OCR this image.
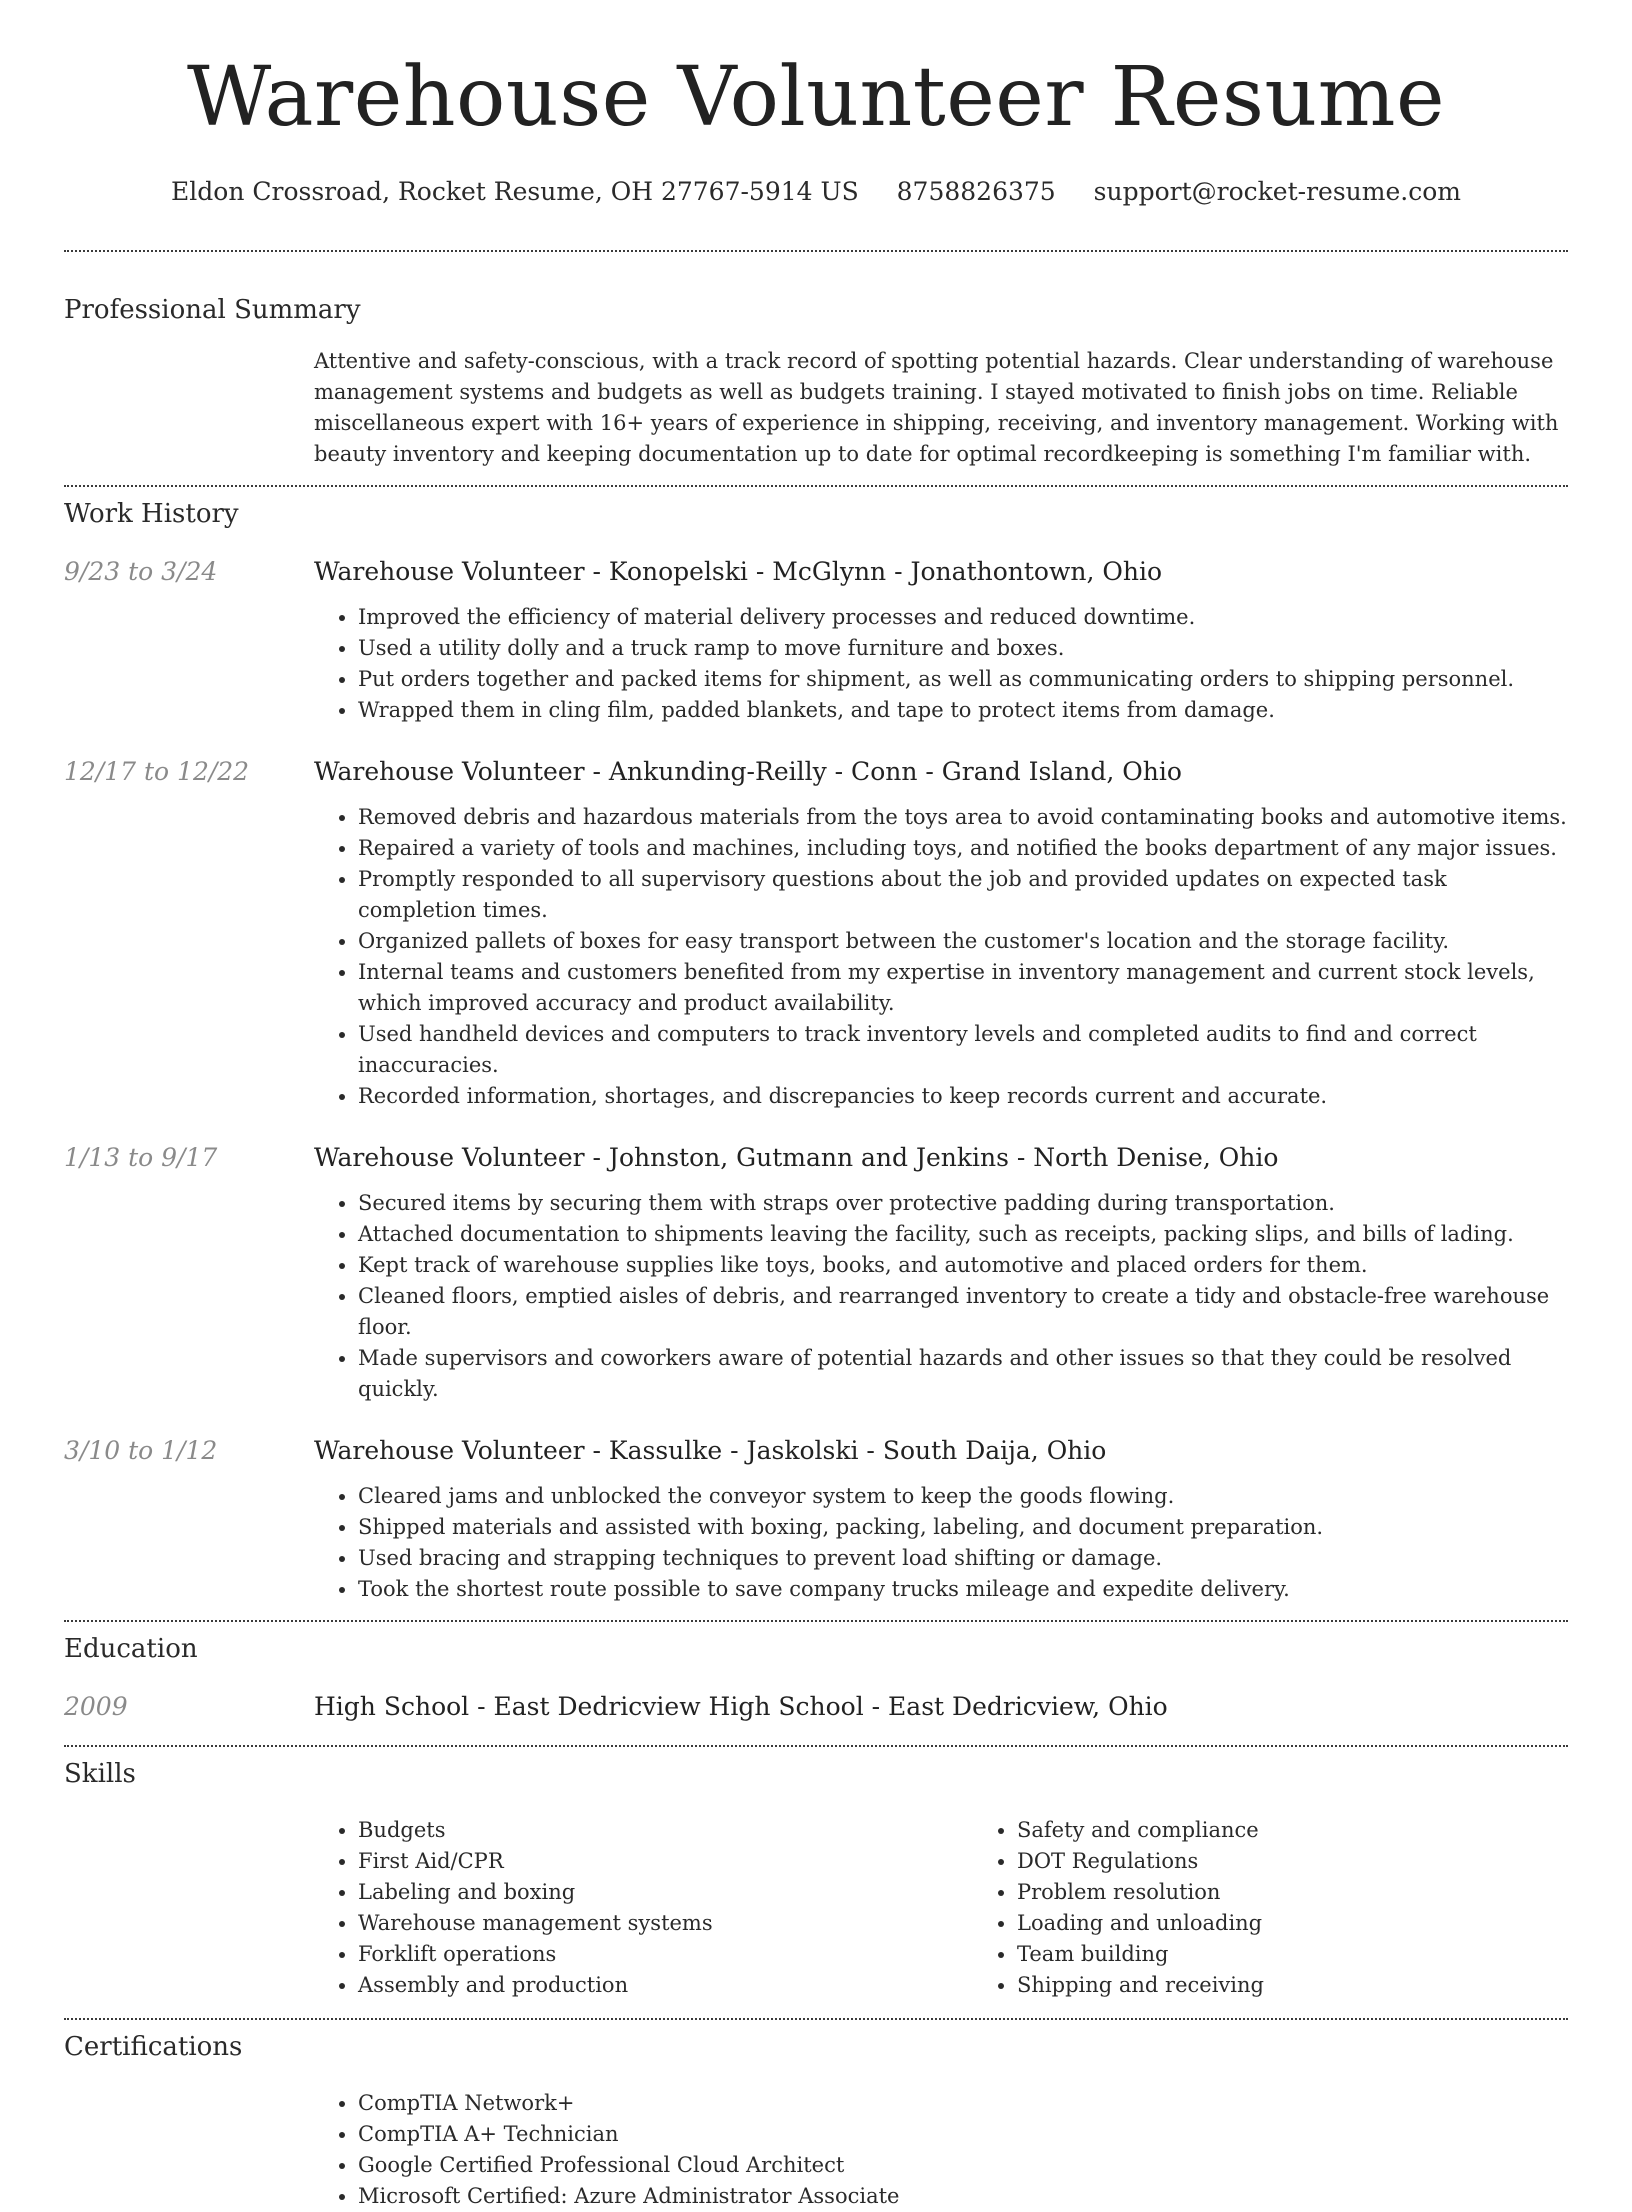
Warehouse Volunteer Resume
Eldon Crossroad, Rocket Resume, OH 27767-5914 US 8758826375 support@rocket-resume.com
Professional Summary

Attentive and safety-conscious, with a track record of spotting potential hazards. Clear understanding of warehouse management systems and budgets as well as budgets training. I stayed motivated to finish jobs on time. Reliable miscellaneous expert with 16+ years of experience in shipping, receiving, and inventory management. Working with beauty inventory and keeping documentation up to date for optimal recordkeeping is something I'm familiar with.

Work History
9/23 to 3/24	Warehouse Volunteer - Konopelski - McGlynn - Jonathontown, Ohio
• Improved the efficiency of material delivery processes and reduced downtime.
• Used a utility dolly and a truck ramp to move furniture and boxes.
• Put orders together and packed items for shipment, as well as communicating orders to shipping personnel.
• Wrapped them in cling film, padded blankets, and tape to protect items from damage.
12/17 to 12/22	Warehouse Volunteer - Ankunding-Reilly - Conn - Grand Island, Ohio
• Removed debris and hazardous materials from the toys area to avoid contaminating books and automotive items.
• Repaired a variety of tools and machines, including toys, and notified the books department of any major issues.
• Promptly responded to all supervisory questions about the job and provided updates on expected task completion times.
• Organized pallets of boxes for easy transport between the customer's location and the storage facility.
• Internal teams and customers benefited from my expertise in inventory management and current stock levels, which improved accuracy and product availability.
• Used handheld devices and computers to track inventory levels and completed audits to find and correct inaccuracies.
• Recorded information, shortages, and discrepancies to keep records current and accurate.
1/13 to 9/17	Warehouse Volunteer - Johnston, Gutmann and Jenkins - North Denise, Ohio
• Secured items by securing them with straps over protective padding during transportation.
• Attached documentation to shipments leaving the facility, such as receipts, packing slips, and bills of lading.
• Kept track of warehouse supplies like toys, books, and automotive and placed orders for them.
• Cleaned floors, emptied aisles of debris, and rearranged inventory to create a tidy and obstacle-free warehouse floor.
• Made supervisors and coworkers aware of potential hazards and other issues so that they could be resolved quickly.
3/10 to 1/12	Warehouse Volunteer - Kassulke - Jaskolski - South Daija, Ohio
• Cleared jams and unblocked the conveyor system to keep the goods flowing.
• Shipped materials and assisted with boxing, packing, labeling, and document preparation.
• Used bracing and strapping techniques to prevent load shifting or damage.
• Took the shortest route possible to save company trucks mileage and expedite delivery.
Education
2009	High School - East Dedricview High School - East Dedricview, Ohio
Skills
• Budgets
• First Aid/CPR
• Labeling and boxing
• Warehouse management systems
• Forklift operations
• Assembly and production
• Safety and compliance
• DOT Regulations
• Problem resolution
• Loading and unloading
• Team building
• Shipping and receiving
Certifications
• CompTIA Network+
• CompTIA A+ Technician
• Google Certified Professional Cloud Architect
• Microsoft Certified: Azure Administrator Associate
